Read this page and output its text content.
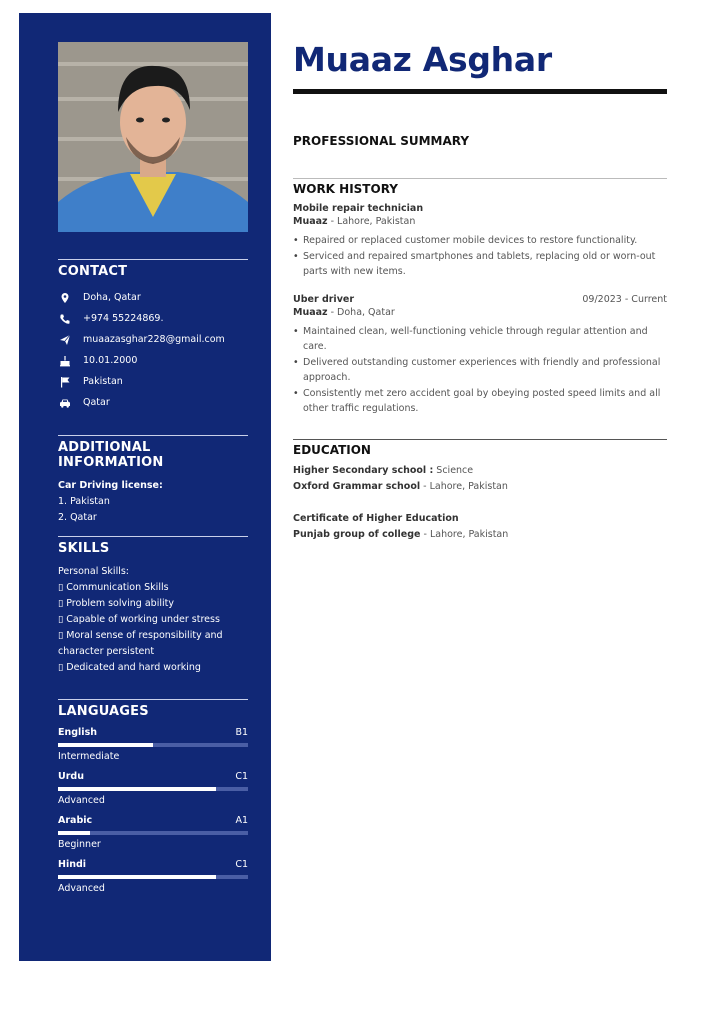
CONTACT
Doha, Qatar
+974 55224869.
muaazasghar228@gmail.com
10.01.2000
Pakistan
Qatar
ADDITIONAL INFORMATION
Car Driving license:
1. Pakistan
2. Qatar
SKILLS
Personal Skills:
▯ Communication Skills
▯ Problem solving ability
▯ Capable of working under stress
▯ Moral sense of responsibility and character persistent
▯ Dedicated and hard working
LANGUAGES
English	B1
Intermediate
Urdu	C1
Advanced
Arabic	A1
Beginner
Hindi	C1
Advanced
Muaaz Asghar
PROFESSIONAL SUMMARY
WORK HISTORY
Mobile repair technician
Muaaz - Lahore, Pakistan
• Repaired or replaced customer mobile devices to restore functionality.
• Serviced and repaired smartphones and tablets, replacing old or worn-out parts with new items.
Uber driver	09/2023 - Current
Muaaz - Doha, Qatar
• Maintained clean, well-functioning vehicle through regular attention and care.
• Delivered outstanding customer experiences with friendly and professional approach.
• Consistently met zero accident goal by obeying posted speed limits and all other traffic regulations.
EDUCATION
Higher Secondary school : Science
Oxford Grammar school - Lahore, Pakistan
Certificate of Higher Education
Punjab group of college - Lahore, Pakistan
